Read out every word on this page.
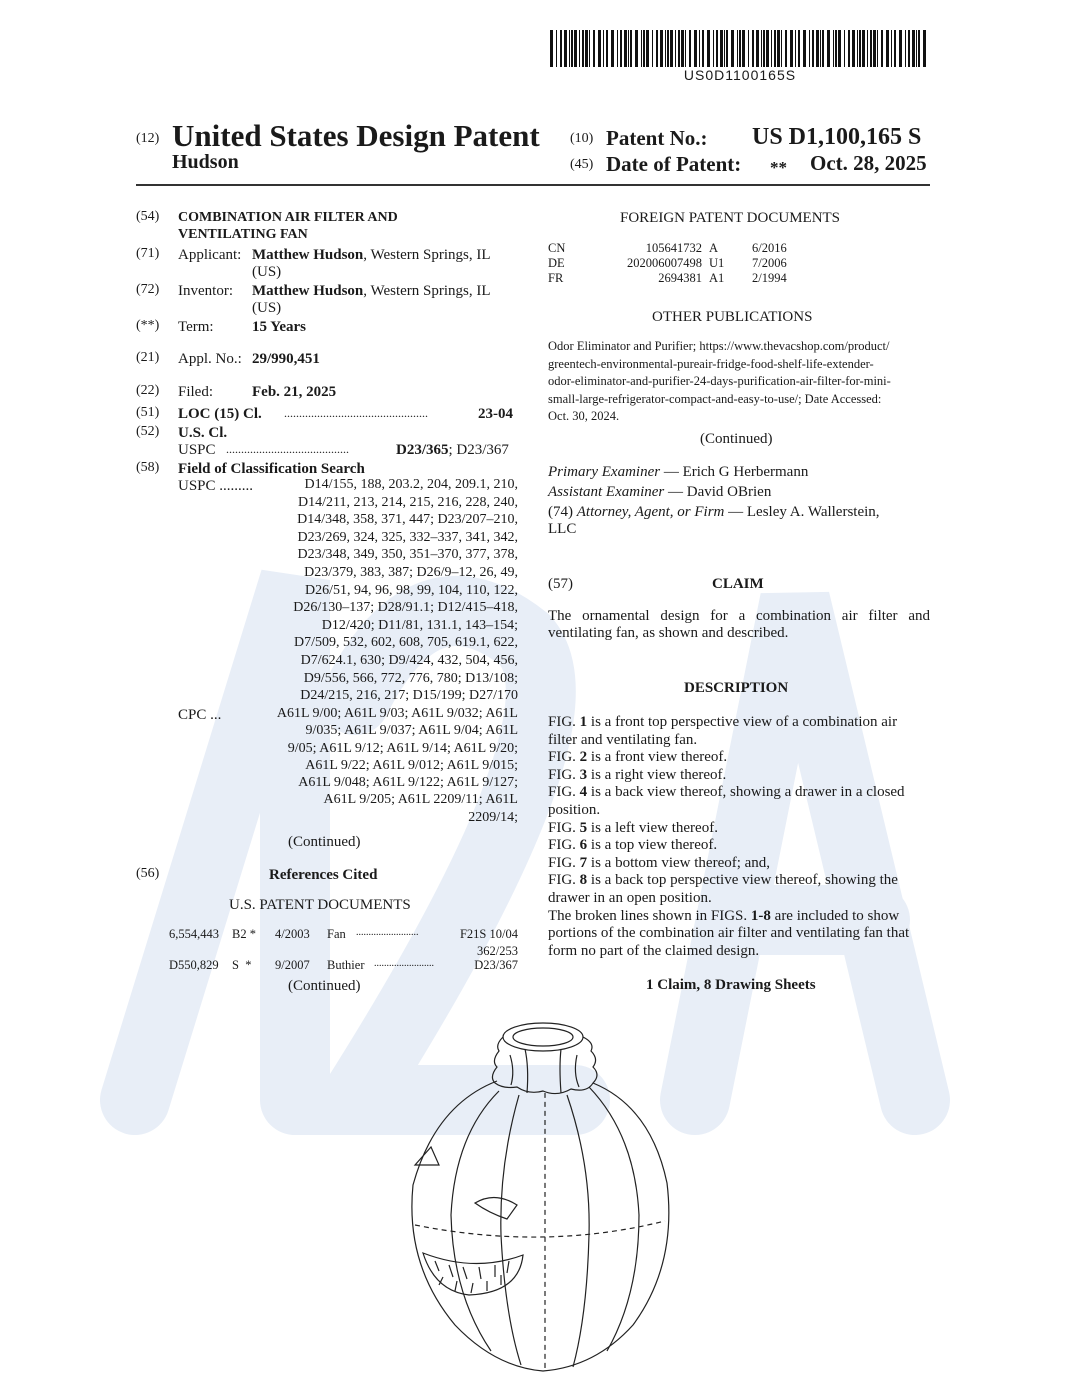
US0D1100165S
(12) United States Design Patent
Hudson
(10) Patent No.: US D1,100,165 S
(45) Date of Patent: ** Oct. 28, 2025
(54) COMBINATION AIR FILTER AND
VENTILATING FAN
(71) Applicant: Matthew Hudson, Western Springs, IL
(US)
(72) Inventor: Matthew Hudson, Western Springs, IL
(US)
(**) Term:	15 Years
(21) Appl. No.: 29/990,451
(22) Filed:	Feb. 21, 2025
(51) LOC (15) Cl. ................................................	23-04
(52) U.S. Cl.
USPC .........................................	D23/365; D23/367
(58) Field of Classification Search
USPC .........	D14/155, 188, 203.2, 204, 209.1, 210,
D14/211, 213, 214, 215, 216, 228, 240,
D14/348, 358, 371, 447; D23/207–210,
D23/269, 324, 325, 332–337, 341, 342,
D23/348, 349, 350, 351–370, 377, 378,
D23/379, 383, 387; D26/9–12, 26, 49,
D26/51, 94, 96, 98, 99, 104, 110, 122,
D26/130–137; D28/91.1; D12/415–418,
D12/420; D11/81, 131.1, 143–154;
D7/509, 532, 602, 608, 705, 619.1, 622,
D7/624.1, 630; D9/424, 432, 504, 456,
D9/556, 566, 772, 776, 780; D13/108;
D24/215, 216, 217; D15/199; D27/170
CPC ...	A61L 9/00; A61L 9/03; A61L 9/032; A61L
9/035; A61L 9/037; A61L 9/04; A61L
9/05; A61L 9/12; A61L 9/14; A61L 9/20;
A61L 9/22; A61L 9/012; A61L 9/015;
A61L 9/048; A61L 9/122; A61L 9/127;
A61L 9/205; A61L 2209/11; A61L
2209/14;
(Continued)
(56)	References Cited
U.S. PATENT DOCUMENTS
6,554,443 B2 * 4/2003 Fan .........................	F21S 10/04
362/253
D550,829 S  * 9/2007 Buthier ........................	D23/367
(Continued)
FOREIGN PATENT DOCUMENTS
CN	105641732 A	6/2016
DE	202006007498 U1 7/2006
FR	2694381 A1 2/1994
OTHER PUBLICATIONS
Odor Eliminator and Purifier; https://www.thevacshop.com/product/
greentech-environmental-pureair-fridge-food-shelf-life-extender-
odor-eliminator-and-purifier-24-days-purification-air-filter-for-mini-
small-large-refrigerator-compact-and-easy-to-use/; Date Accessed:
Oct. 30, 2024.
(Continued)
Primary Examiner — Erich G Herbermann
Assistant Examiner — David OBrien
(74) Attorney, Agent, or Firm — Lesley A. Wallerstein,
LLC
(57)	CLAIM
The ornamental design for a combination air filter and
ventilating fan, as shown and described.
DESCRIPTION
FIG. 1 is a front top perspective view of a combination air
filter and ventilating fan.
FIG. 2 is a front view thereof.
FIG. 3 is a right view thereof.
FIG. 4 is a back view thereof, showing a drawer in a closed
position.
FIG. 5 is a left view thereof.
FIG. 6 is a top view thereof.
FIG. 7 is a bottom view thereof; and,
FIG. 8 is a back top perspective view thereof, showing the
drawer in an open position.
The broken lines shown in FIGS. 1-8 are included to show
portions of the combination air filter and ventilating fan that
form no part of the claimed design.
1 Claim, 8 Drawing Sheets
